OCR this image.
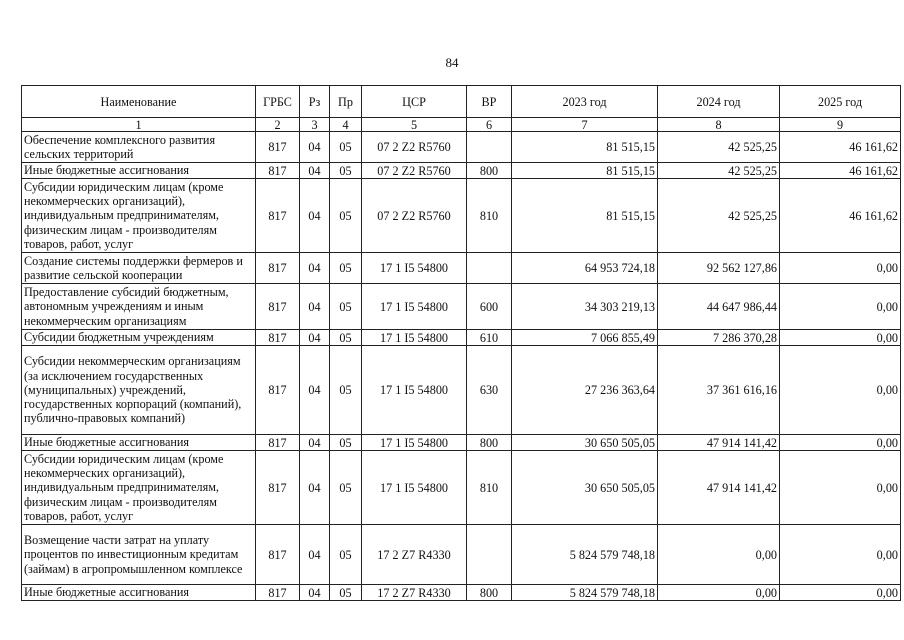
84
Наименование	ГРБС	Рз	Пр	ЦСР	ВР	2023 год	2024 год	2025 год
1	2	3	4	5	6	7	8	9
Обеспечение комплексного развития сельских территорий	817	04	05	07 2 Z2 R5760		81 515,15	42 525,25	46 161,62
Иные бюджетные ассигнования	817	04	05	07 2 Z2 R5760	800	81 515,15	42 525,25	46 161,62
Субсидии юридическим лицам (кроме некоммерческих организаций), индивидуальным предпринимателям, физическим лицам - производителям товаров, работ, услуг	817	04	05	07 2 Z2 R5760	810	81 515,15	42 525,25	46 161,62
Создание системы поддержки фермеров и развитие сельской кооперации	817	04	05	17 1 I5 54800		64 953 724,18	92 562 127,86	0,00
Предоставление субсидий бюджетным, автономным учреждениям и иным некоммерческим организациям	817	04	05	17 1 I5 54800	600	34 303 219,13	44 647 986,44	0,00
Субсидии бюджетным учреждениям	817	04	05	17 1 I5 54800	610	7 066 855,49	7 286 370,28	0,00
Субсидии некоммерческим организациям (за исключением государственных (муниципальных) учреждений, государственных корпораций (компаний), публично-правовых компаний)	817	04	05	17 1 I5 54800	630	27 236 363,64	37 361 616,16	0,00
Иные бюджетные ассигнования	817	04	05	17 1 I5 54800	800	30 650 505,05	47 914 141,42	0,00
Субсидии юридическим лицам (кроме некоммерческих организаций), индивидуальным предпринимателям, физическим лицам - производителям товаров, работ, услуг	817	04	05	17 1 I5 54800	810	30 650 505,05	47 914 141,42	0,00
Возмещение части затрат на уплату процентов по инвестиционным кредитам (займам) в агропромышленном комплексе	817	04	05	17 2 Z7 R4330		5 824 579 748,18	0,00	0,00
Иные бюджетные ассигнования	817	04	05	17 2 Z7 R4330	800	5 824 579 748,18	0,00	0,00
